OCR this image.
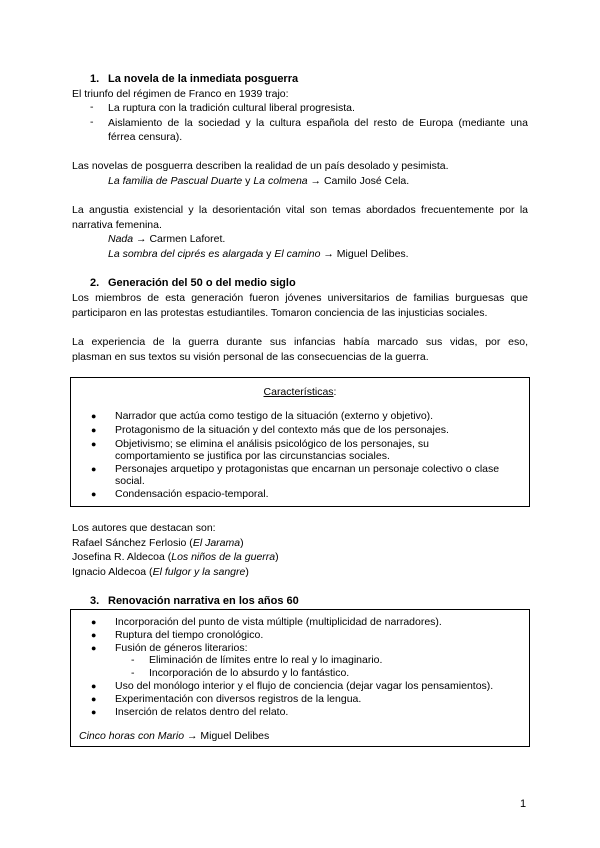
1. La novela de la inmediata posguerra
El triunfo del régimen de Franco en 1939 trajo:
- La ruptura con la tradición cultural liberal progresista.
- Aislamiento de la sociedad y la cultura española del resto de Europa (mediante una
férrea censura).
Las novelas de posguerra describen la realidad de un país desolado y pesimista.
La familia de Pascual Duarte y La colmena → Camilo José Cela.
La angustia existencial y la desorientación vital son temas abordados frecuentemente por la
narrativa femenina.
Nada → Carmen Laforet.
La sombra del ciprés es alargada y El camino → Miguel Delibes.
2. Generación del 50 o del medio siglo
Los miembros de esta generación fueron jóvenes universitarios de familias burguesas que
participaron en las protestas estudiantiles. Tomaron conciencia de las injusticias sociales.
La experiencia de la guerra durante sus infancias había marcado sus vidas, por eso,
plasman en sus textos su visión personal de las consecuencias de la guerra.
Características:
● Narrador que actúa como testigo de la situación (externo y objetivo).
● Protagonismo de la situación y del contexto más que de los personajes.
● Objetivismo; se elimina el análisis psicológico de los personajes, su
comportamiento se justifica por las circunstancias sociales.
● Personajes arquetipo y protagonistas que encarnan un personaje colectivo o clase
social.
● Condensación espacio-temporal.
Los autores que destacan son:
Rafael Sánchez Ferlosio (El Jarama)
Josefina R. Aldecoa (Los niños de la guerra)
Ignacio Aldecoa (El fulgor y la sangre)
3. Renovación narrativa en los años 60
● Incorporación del punto de vista múltiple (multiplicidad de narradores).
● Ruptura del tiempo cronológico.
● Fusión de géneros literarios:
- Eliminación de límites entre lo real y lo imaginario.
- Incorporación de lo absurdo y lo fantástico.
● Uso del monólogo interior y el flujo de conciencia (dejar vagar los pensamientos).
● Experimentación con diversos registros de la lengua.
● Inserción de relatos dentro del relato.
Cinco horas con Mario → Miguel Delibes
1
